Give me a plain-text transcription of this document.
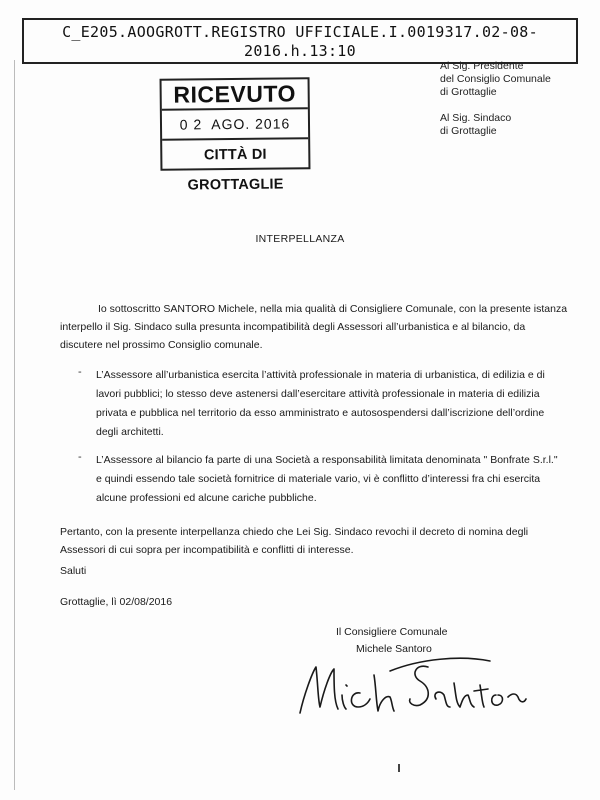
C_E205.AOOGROTT.REGISTRO UFFICIALE.I.0019317.02-08-
2016.h.13:10
Al Sig. Presidente
del Consiglio Comunale
di Grottaglie
Al Sig. Sindaco
di Grottaglie
RICEVUTO
0 2  AGO. 2016
CITTÀ DI GROTTAGLIE
INTERPELLANZA
Io sottoscritto SANTORO Michele, nella mia qualità di Consigliere Comunale, con la presente istanza
interpello il Sig. Sindaco sulla presunta incompatibilità degli Assessori all’urbanistica e al bilancio, da
discutere nel prossimo Consiglio comunale.
- L’Assessore all’urbanistica esercita l’attività professionale in materia di urbanistica, di edilizia e di
lavori pubblici; lo stesso deve astenersi dall’esercitare attività professionale in materia di edilizia
privata e pubblica nel territorio da esso amministrato e autosospendersi dall’iscrizione dell’ordine
degli architetti.
- L’Assessore al bilancio fa parte di una Società a responsabilità limitata denominata " Bonfrate S.r.l."
e quindi essendo tale società fornitrice di materiale vario, vi è conflitto d’interessi fra chi esercita
alcune professioni ed alcune cariche pubbliche.
Pertanto, con la presente interpellanza chiedo che Lei Sig. Sindaco revochi il decreto di nomina degli
Assessori di cui sopra per incompatibilità e conflitti di interesse.
Saluti
Grottaglie, lì 02/08/2016
Il Consigliere Comunale
Michele Santoro
